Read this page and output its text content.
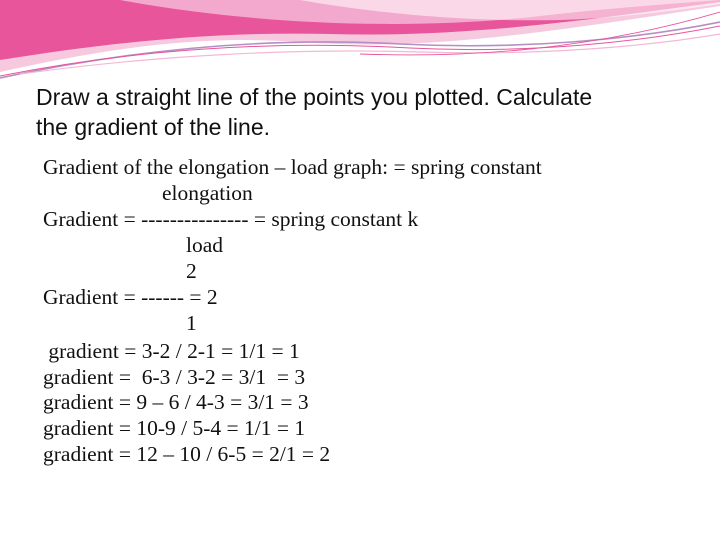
Draw a straight line of the points you plotted. Calculate
the gradient of the line.
Gradient of the elongation – load graph: = spring constant
elongation
Gradient = --------------- = spring constant k
load
2
Gradient = ------ = 2
1
gradient = 3-2 / 2-1 = 1/1 = 1
gradient =  6-3 / 3-2 = 3/1  = 3
gradient = 9 – 6 / 4-3 = 3/1 = 3
gradient = 10-9 / 5-4 = 1/1 = 1
gradient = 12 – 10 / 6-5 = 2/1 = 2
